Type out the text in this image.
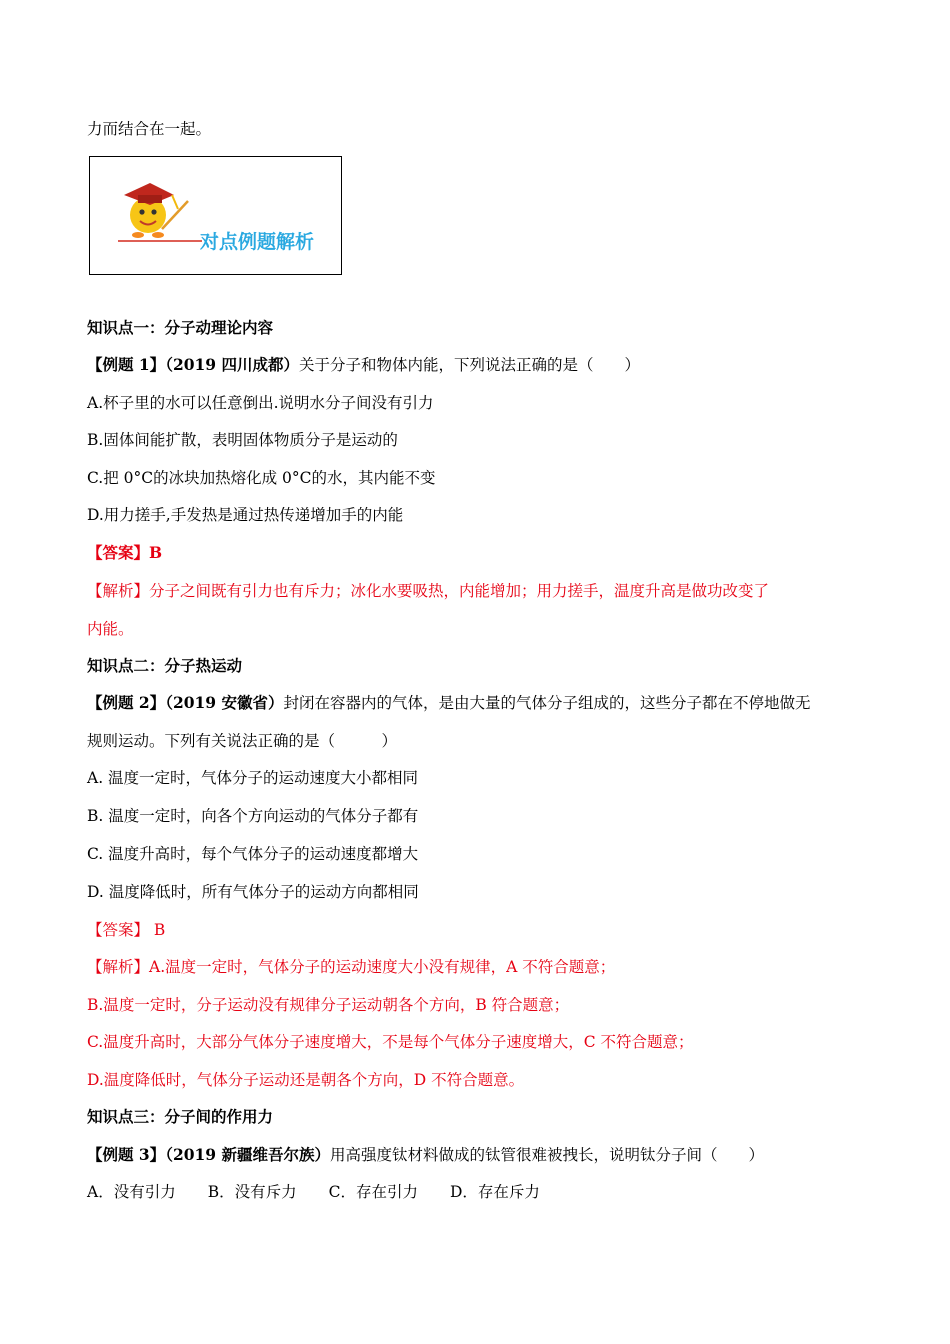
力而结合在一起。
对点例题解析
知识点一：分子动理论内容
【例题 1】（2019 四川成都）关于分子和物体内能，下列说法正确的是（　　）
A.杯子里的水可以任意倒出.说明水分子间没有引力
B.固体间能扩散，表明固体物质分子是运动的
C.把 0°C的冰块加热熔化成 0°C的水，其内能不变
D.用力搓手,手发热是通过热传递增加手的内能
【答案】B
【解析】分子之间既有引力也有斥力；冰化水要吸热，内能增加；用力搓手，温度升高是做功改变了
内能。
知识点二：分子热运动
【例题 2】（2019 安徽省）封闭在容器内的气体，是由大量的气体分子组成的，这些分子都在不停地做无
规则运动。下列有关说法正确的是（　　　）
A. 温度一定时，气体分子的运动速度大小都相同
B. 温度一定时，向各个方向运动的气体分子都有
C. 温度升高时，每个气体分子的运动速度都增大
D. 温度降低时，所有气体分子的运动方向都相同
【答案】 B
【解析】A.温度一定时，气体分子的运动速度大小没有规律，A 不符合题意；
B.温度一定时，分子运动没有规律分子运动朝各个方向，B 符合题意；
C.温度升高时，大部分气体分子速度增大，不是每个气体分子速度增大，C 不符合题意；
D.温度降低时，气体分子运动还是朝各个方向，D 不符合题意。
知识点三：分子间的作用力
【例题 3】（2019 新疆维吾尔族）用高强度钛材料做成的钛管很难被拽长，说明钛分子间（　　）
A．没有引力 B．没有斥力 C．存在引力 D．存在斥力
